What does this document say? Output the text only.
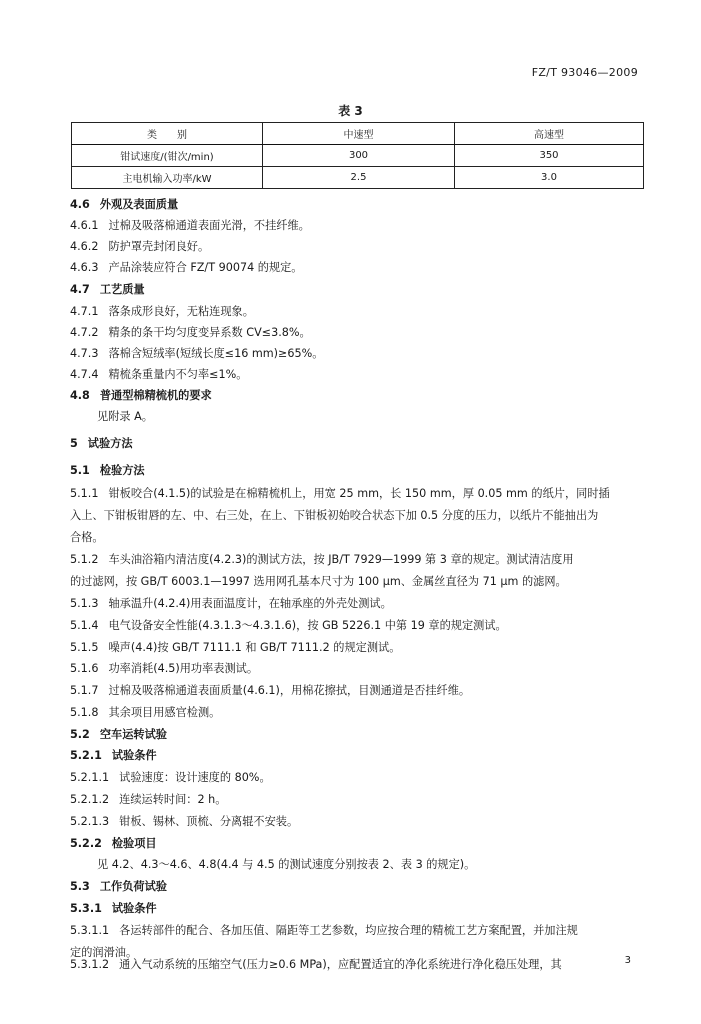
FZ/T 93046—2009
表 3
类　　别	中速型	高速型
钳试速度/(钳次/min)	300	350
主电机输入功率/kW	2.5	3.0
4.6 外观及表面质量
4.6.1 过棉及吸落棉通道表面光滑，不挂纤维。
4.6.2 防护罩壳封闭良好。
4.6.3 产品涂装应符合 FZ/T 90074 的规定。
4.7 工艺质量
4.7.1 落条成形良好，无粘连现象。
4.7.2 精条的条干均匀度变异系数 CV≤3.8%。
4.7.3 落棉含短绒率(短绒长度≤16 mm)≥65%。
4.7.4 精梳条重量内不匀率≤1%。
4.8 普通型棉精梳机的要求
见附录 A。
5 试验方法
5.1 检验方法
5.1.1 钳板咬合(4.1.5)的试验是在棉精梳机上，用宽 25 mm，长 150 mm，厚 0.05 mm 的纸片，同时插
入上、下钳板钳唇的左、中、右三处，在上、下钳板初始咬合状态下加 0.5 分度的压力，以纸片不能抽出为
合格。
5.1.2 车头油浴箱内清洁度(4.2.3)的测试方法，按 JB/T 7929—1999 第 3 章的规定。测试清洁度用
的过滤网，按 GB/T 6003.1—1997 选用网孔基本尺寸为 100 μm、金属丝直径为 71 μm 的滤网。
5.1.3 轴承温升(4.2.4)用表面温度计，在轴承座的外壳处测试。
5.1.4 电气设备安全性能(4.3.1.3～4.3.1.6)，按 GB 5226.1 中第 19 章的规定测试。
5.1.5 噪声(4.4)按 GB/T 7111.1 和 GB/T 7111.2 的规定测试。
5.1.6 功率消耗(4.5)用功率表测试。
5.1.7 过棉及吸落棉通道表面质量(4.6.1)，用棉花擦拭，目测通道是否挂纤维。
5.1.8 其余项目用感官检测。
5.2 空车运转试验
5.2.1 试验条件
5.2.1.1 试验速度：设计速度的 80%。
5.2.1.2 连续运转时间：2 h。
5.2.1.3 钳板、锡林、顶梳、分离辊不安装。
5.2.2 检验项目
见 4.2、4.3～4.6、4.8(4.4 与 4.5 的测试速度分别按表 2、表 3 的规定)。
5.3 工作负荷试验
5.3.1 试验条件
5.3.1.1 各运转部件的配合、各加压值、隔距等工艺参数，均应按合理的精梳工艺方案配置，并加注规
定的润滑油。
5.3.1.2 通入气动系统的压缩空气(压力≥0.6 MPa)，应配置适宜的净化系统进行净化稳压处理，其	3
